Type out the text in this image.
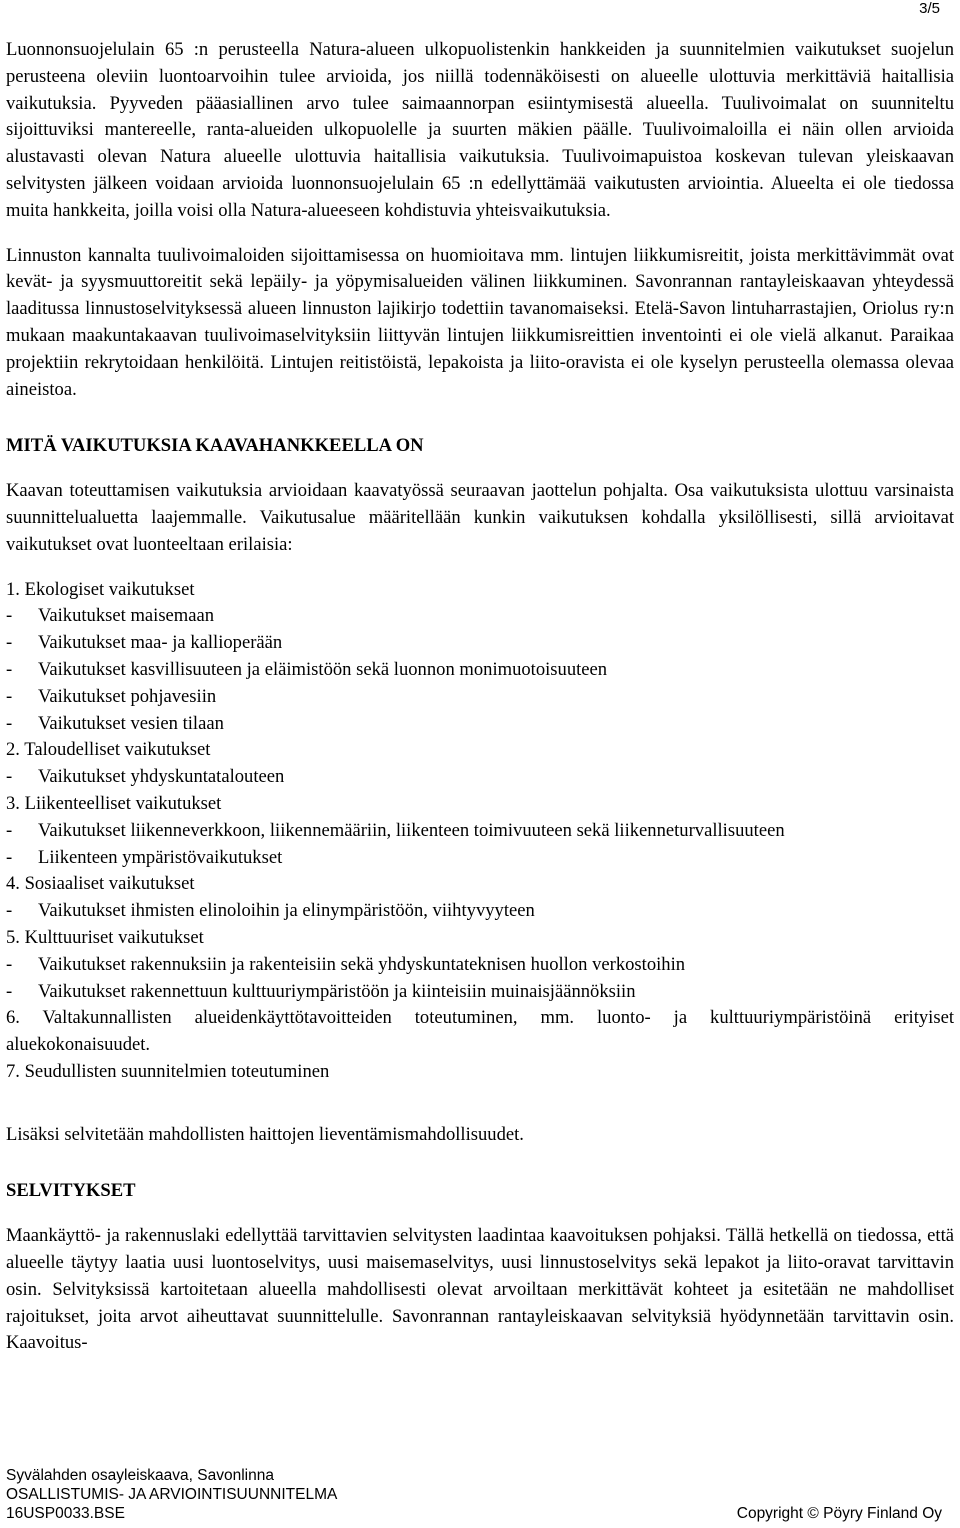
3/5

Luonnonsuojelulain 65 :n perusteella Natura-alueen ulkopuolistenkin hankkeiden ja suunnitelmien vaikutukset suojelun perusteena oleviin luontoarvoihin tulee arvioida, jos niillä todennäköisesti on alueelle ulottuvia merkittäviä haitallisia vaikutuksia. Pyyveden pääasiallinen arvo tulee saimaannorpan esiintymisestä alueella. Tuulivoimalat on suunniteltu sijoittuviksi mantereelle, ranta-alueiden ulkopuolelle ja suurten mäkien päälle. Tuulivoimaloilla ei näin ollen arvioida alustavasti olevan Natura alueelle ulottuvia haitallisia vaikutuksia. Tuulivoimapuistoa koskevan tulevan yleiskaavan selvitysten jälkeen voidaan arvioida luonnonsuojelulain 65 :n edellyttämää vaikutusten arviointia. Alueelta ei ole tiedossa muita hankkeita, joilla voisi olla Natura-alueeseen kohdistuvia yhteisvaikutuksia.

Linnuston kannalta tuulivoimaloiden sijoittamisessa on huomioitava mm. lintujen liikkumisreitit, joista merkittävimmät ovat kevät- ja syysmuuttoreitit sekä lepäily- ja yöpymisalueiden välinen liikkuminen. Savonrannan rantayleiskaavan yhteydessä laaditussa linnustoselvityksessä alueen linnuston lajikirjo todettiin tavanomaiseksi. Etelä-Savon lintuharrastajien, Oriolus ry:n mukaan maakuntakaavan tuulivoimaselvityksiin liittyvän lintujen liikkumisreittien inventointi ei ole vielä alkanut. Paraikaa projektiin rekrytoidaan henkilöitä. Lintujen reitistöistä, lepakoista ja liito-oravista ei ole kyselyn perusteella olemassa olevaa aineistoa.

MITÄ VAIKUTUKSIA KAAVAHANKKEELLA ON

Kaavan toteuttamisen vaikutuksia arvioidaan kaavatyössä seuraavan jaottelun pohjalta. Osa vaikutuksista ulottuu varsinaista suunnittelualuetta laajemmalle. Vaikutusalue määritellään kunkin vaikutuksen kohdalla yksilöllisesti, sillä arvioitavat vaikutukset ovat luonteeltaan erilaisia:

1. Ekologiset vaikutukset
-	Vaikutukset maisemaan
-	Vaikutukset maa- ja kallioperään
-	Vaikutukset kasvillisuuteen ja eläimistöön sekä luonnon monimuotoisuuteen
-	Vaikutukset pohjavesiin
-	Vaikutukset vesien tilaan
2. Taloudelliset vaikutukset
-	Vaikutukset yhdyskuntatalouteen
3. Liikenteelliset vaikutukset
-	Vaikutukset liikenneverkkoon, liikennemääriin, liikenteen toimivuuteen sekä liikenneturvallisuuteen
-	Liikenteen ympäristövaikutukset
4. Sosiaaliset vaikutukset
-	Vaikutukset ihmisten elinoloihin ja elinympäristöön, viihtyvyyteen
5. Kulttuuriset vaikutukset
-	Vaikutukset rakennuksiin ja rakenteisiin sekä yhdyskuntateknisen huollon verkostoihin
-	Vaikutukset rakennettuun kulttuuriympäristöön ja kiinteisiin muinaisjäännöksiin
6. Valtakunnallisten alueidenkäyttötavoitteiden toteutuminen, mm. luonto- ja kulttuuriympäristöinä erityiset aluekokonaisuudet.
7. Seudullisten suunnitelmien toteutuminen

Lisäksi selvitetään mahdollisten haittojen lieventämismahdollisuudet.

SELVITYKSET

Maankäyttö- ja rakennuslaki edellyttää tarvittavien selvitysten laadintaa kaavoituksen pohjaksi. Tällä hetkellä on tiedossa, että alueelle täytyy laatia uusi luontoselvitys, uusi maisemaselvitys, uusi linnustoselvitys sekä lepakot ja liito-oravat tarvittavin osin. Selvityksissä kartoitetaan alueella mahdollisesti olevat arvoiltaan merkittävät kohteet ja esitetään ne mahdolliset rajoitukset, joita arvot aiheuttavat suunnittelulle. Savonrannan rantayleiskaavan selvityksiä hyödynnetään tarvittavin osin. Kaavoitus-

Syvälahden osayleiskaava, Savonlinna
OSALLISTUMIS- JA ARVIOINTISUUNNITELMA
16USP0033.BSE	Copyright © Pöyry Finland Oy
